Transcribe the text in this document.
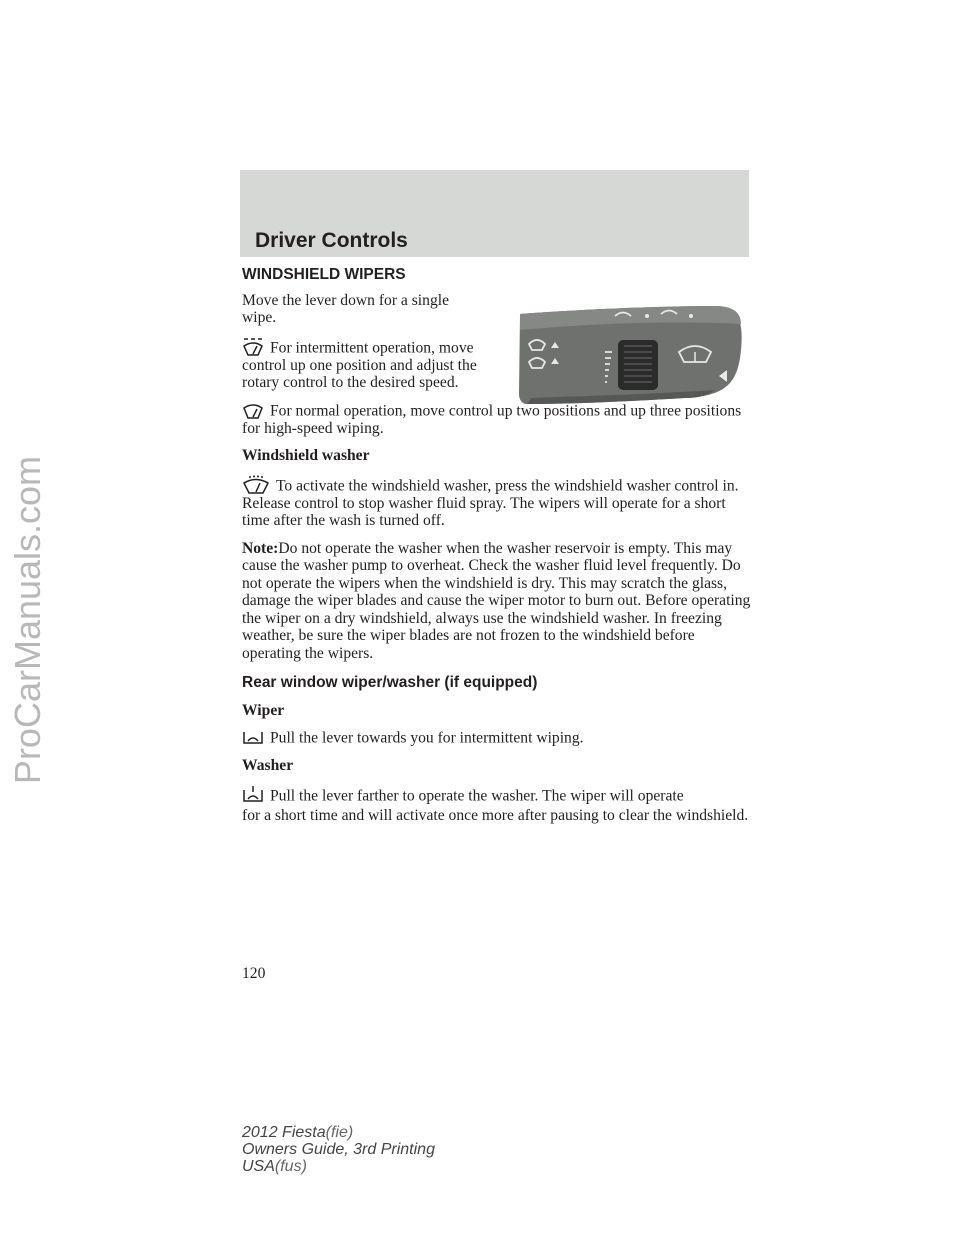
ProCarManuals.com
Driver Controls

WINDSHIELD WIPERS

Move the lever down for a single wipe.

For intermittent operation, move control up one position and adjust the rotary control to the desired speed.

For normal operation, move control up two positions and up three positions for high-speed wiping.

Windshield washer

To activate the windshield washer, press the windshield washer control in. Release control to stop washer fluid spray. The wipers will operate for a short time after the wash is turned off.

Note:Do not operate the washer when the washer reservoir is empty. This may cause the washer pump to overheat. Check the washer fluid level frequently. Do not operate the wipers when the windshield is dry. This may scratch the glass, damage the wiper blades and cause the wiper motor to burn out. Before operating the wiper on a dry windshield, always use the windshield washer. In freezing weather, be sure the wiper blades are not frozen to the windshield before operating the wipers.

Rear window wiper/washer (if equipped)

Wiper

Pull the lever towards you for intermittent wiping.

Washer

Pull the lever farther to operate the washer. The wiper will operate

for a short time and will activate once more after pausing to clear the windshield.

120
2012 Fiesta(fie)
Owners Guide, 3rd Printing
USA(fus)
